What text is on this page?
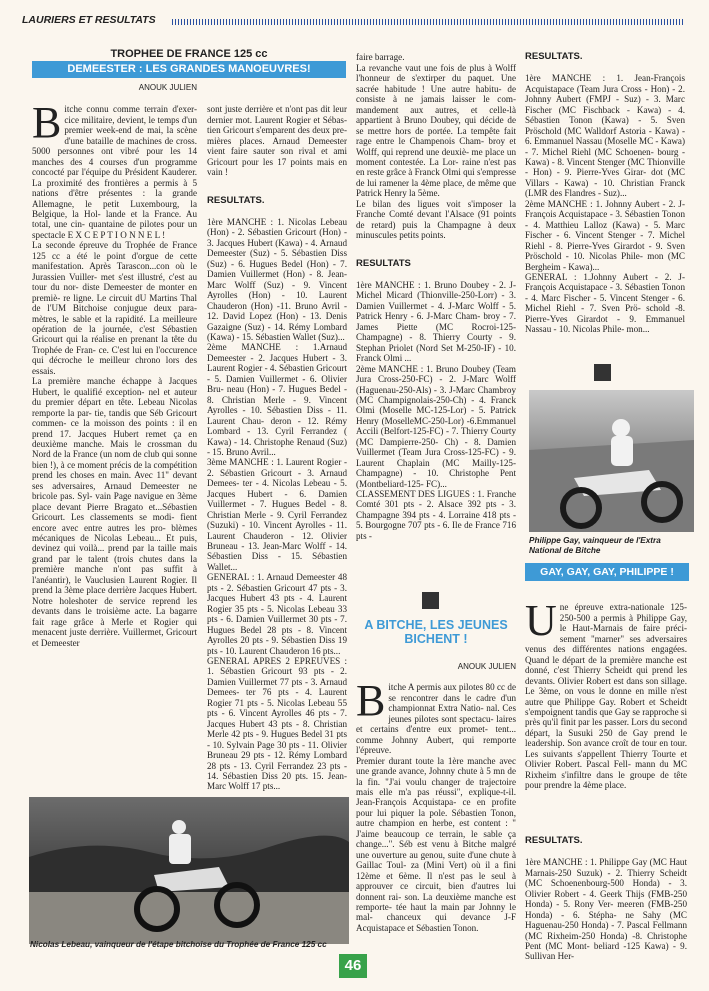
LAURIERS ET RESULTATS
TROPHEE DE FRANCE 125 cc
DEMEESTER : LES GRANDES MANOEUVRES!
ANOUK JULIEN

Bitche connu comme terrain d'exer- cice militaire, devient, le temps d'un premier week-end de mai, la scène d'une bataille de machines de cross. 5000 personnes ont vibré pour les 14 manches des 4 courses d'un programme concocté par l'équipe du Président Kauderer. La proximité des frontières a permis à 5 nations d'être présentes : la grande Allemagne, le petit Luxembourg, la Belgique, la Hol- lande et la France. Au total, une cin- quantaine de pilotes pour un spectacle E X C E P T I O N N E L !
La seconde épreuve du Trophée de France 125 cc a été le point d'orgue de cette manifestation. Après Tarascon...con où le Jurassien Vuiller- met s'est illustré, c'est au tour du nor- diste Demeester de monter en premiè- re ligne. Le circuit dU Martins Thal de l'UM Bitchoise conjugue deux para- mètres, le sable et la rapidité. La meilleure opération de la journée, c'est Sébastien Gricourt qui la réalise en prenant la tête du Trophée de Fran- ce. C'est lui en l'occurence qui décroche le meilleur chrono lors des essais.
La première manche échappe à Jacques Hubert, le qualifié exception- nel et auteur du premier départ en tête. Lebeau Nicolas remporte la par- tie, tandis que Séb Gricourt commen- ce la moisson des points : il en prend 17. Jacques Hubert remet ça en deuxième manche. Mais le crossman du Nord de la France (un nom de club qui sonne bien !), à ce moment précis de la compétition prend les choses en main. Avec 11" devant ses adversaires, Arnaud Demeester ne bricole pas. Syl- vain Page navigue en 3ème place devant Pierre Bragato et...Sébastien Gricourt. Les classements se modi- fient encore avec entre autres les pro- blèmes mécaniques de Nicolas Lebeau... Et puis, devinez qui voilà... prend par la taille mais grand par le talent (trois chutes dans la première manche n'ont pas suffit à l'anéantir), le Vauclusien Laurent Rogier. Il prend la 3ème place derrière Jacques Hubert. Notre holeshoter de service reprend les devants dans le troisième acte. La bagarre fait rage grâce à Merle et Rogier qui menacent juste derrière. Vuillermet, Gricourt et Demeester

sont juste derrière et n'ont pas dit leur dernier mot. Laurent Rogier et Sébas- tien Gricourt s'emparent des deux pre- mières places. Arnaud Demeester vient faire sauter son rival et ami Gricourt pour les 17 points mais en vain !

RESULTATS.

1ère MANCHE : 1. Nicolas Lebeau (Hon) - 2. Sébastien Gricourt (Hon) - 3. Jacques Hubert (Kawa) - 4. Arnaud Demeester (Suz) - 5. Sébastien Diss (Suz) - 6. Hugues Bedel (Hon) - 7. Damien Vuillermet (Hon) - 8. Jean- Marc Wolff (Suz) - 9. Vincent Ayrolles (Hon) - 10. Laurent Chauderon (Hon) -11. Bruno Avril - 12. David Lopez (Hon) - 13. Denis Gazaigne (Suz) - 14. Rémy Lombard (Kawa) - 15. Sébastien Wallet (Suz)...
2ème MANCHE : 1.Arnaud Demeester - 2. Jacques Hubert - 3. Laurent Rogier - 4. Sébastien Gricourt - 5. Damien Vuillermet - 6. Olivier Bru- neau (Hon) - 7. Hugues Bedel - 8. Christian Merle - 9. Vincent Ayrolles - 10. Sébastien Diss - 11. Laurent Chau- deron - 12. Rémy Lombard - 13. Cyril Ferrandez ( Kawa) - 14. Christophe Renaud (Suz) - 15. Bruno Avril...
3ème MANCHE : 1. Laurent Rogier - 2. Sébastien Gricourt - 3. Arnaud Demees- ter - 4. Nicolas Lebeau - 5. Jacques Hubert - 6. Damien Vuillermet - 7. Hugues Bedel - 8. Christian Merle - 9. Cyril Ferrandez (Suzuki) - 10. Vincent Ayrolles - 11. Laurent Chauderon - 12. Olivier Bruneau - 13. Jean-Marc Wolff - 14. Sébastien Diss - 15. Sébastien Wallet...
GENERAL : 1. Arnaud Demeester 48 pts - 2. Sébastien Gricourt 47 pts - 3. Jacques Hubert 43 pts - 4. Laurent Rogier 35 pts - 5. Nicolas Lebeau 33 pts - 6. Damien Vuillermet 30 pts - 7. Hugues Bedel 28 pts - 8. Vincent Ayrolles 20 pts - 9. Sébastien Diss 19 pts - 10. Laurent Chauderon 16 pts...
GENERAL APRES 2 EPREUVES : 1. Sébastien Gricourt 93 pts - 2. Damien Vuillermet 77 pts - 3. Arnaud Demees- ter 76 pts - 4. Laurent Rogier 71 pts - 5. Nicolas Lebeau 55 pts - 6. Vincent Ayrolles 46 pts - 7. Jacques Hubert 43 pts - 8. Christian Merle 42 pts - 9. Hugues Bedel 31 pts - 10. Sylvain Page 30 pts - 11. Olivier Bruneau 29 pts - 12. Rémy Lombard 28 pts - 13. Cyril Ferrandez 23 pts - 14. Sébastien Diss 20 pts. 15. Jean-Marc Wolff 17 pts...

Nicolas Lebeau, vainqueur de l'étape bitchoise du Trophée de France 125 cc

faire barrage.
La revanche vaut une fois de plus à Wolff l'honneur de s'extirper du paquet. Une sacrée habitude ! Une autre habitu- de consiste à ne jamais laisser le com- mandement aux autres, et celle-là appartient à Bruno Doubey, qui décide de se mettre hors de portée. La tempête fait rage entre le Champenois Cham- broy et Wolff, qui reprend une deuxiè- me place un moment contestée. La Lor- raine n'est pas en reste grâce à Franck Olmi qui s'empresse de lui ramener la 4ème place, de même que Patrick Henry la 5ème.
Le bilan des ligues voit s'imposer la Franche Comté devant l'Alsace (91 points de retard) puis la Champagne à deux minuscules petits points.

RESULTATS

1ère MANCHE : 1. Bruno Doubey - 2. J-Michel Micard (Thionville-250-Lorr) - 3. Damien Vuillermet - 4. J-Marc Wolff - 5. Patrick Henry - 6. J-Marc Cham- broy - 7. James Piette (MC Rocroi-125- Champagne) - 8. Thierry Courty - 9. Stephan Priolet (Nord Set M-250-IF) - 10. Franck Olmi ...
2ème MANCHE : 1. Bruno Doubey (Team Jura Cross-250-FC) - 2. J-Marc Wolff (Haguenau-250-Als) - 3. J-Marc Chambroy (MC Champignolais-250-Ch) - 4. Franck Olmi (Moselle MC-125-Lor) - 5. Patrick Henry (MoselleMC-250-Lor) -6.Emmanuel Accili (Belfort-125-FC) - 7. Thierry Courty (MC Dampierre-250- Ch) - 8. Damien Vuillermet (Team Jura Cross-125-FC) - 9. Laurent Chaplain (MC Mailly-125- Champagne) - 10. Christophe Pent (Montbeliard-125- FC)...
CLASSEMENT DES LIGUES : 1. Franche Comté 301 pts - 2. Alsace 392 pts - 3. Champagne 394 pts - 4. Lorraine 418 pts - 5. Bourgogne 707 pts - 6. Ile de France 716 pts -

A BITCHE, LES JEUNES BICHENT !
ANOUK JULIEN

Bitche A permis aux pilotes 80 cc de se rencontrer dans le cadre d'un championnat Extra Natio- nal. Ces jeunes pilotes sont spectacu- laires et certains d'entre eux promet- tent... comme Johnny Aubert, qui remporte l'épreuve.
Premier durant toute la 1ère manche avec une grande avance, Johnny chute à 5 mn de la fin. "J'ai voulu changer de trajectoire mais elle m'a pas réussi", explique-t-il. Jean-François Acquistapa- ce en profite pour lui piquer la pole. Sébastien Tonon, autre champion en herbe, est content : " J'aime beaucoup ce terrain, le sable ça change...". Séb est venu à Bitche malgré une ouverture au genou, suite d'une chute à Gaillac Toul- za (Mini Vert) où il a fini 12ème et 6ème. Il n'est pas le seul à approuver ce circuit, bien d'autres lui donnent rai- son. La deuxième manche est remporte- tée haut la main par Johnny le mal- chanceux qui devance J-F Acquistapace et Sébastien Tonon.

RESULTATS.

1ère MANCHE : 1. Jean-François Acquistapace (Team Jura Cross - Hon) - 2. Johnny Aubert (FMPJ - Suz) - 3. Marc Fischer (MC Fischback - Kawa) - 4. Sébastien Tonon (Kawa) - 5. Sven Pröschold (MC Walldorf Astoria - Kawa) - 6. Emmanuel Nassau (Moselle MC - Kawa) - 7. Michel Riehl (MC Schoenen- bourg - Kawa) - 8. Vincent Stenger (MC Thionville - Hon) - 9. Pierre-Yves Girar- dot (MC Villars - Kawa) - 10. Christian Franck (LMR des Flandres - Suz)...
2ème MANCHE : 1. Johnny Aubert - 2. J-François Acquistapace - 3. Sébastien Tonon - 4. Matthieu Lalloz (Kawa) - 5. Marc Fischer - 6. Vincent Stenger - 7. Michel Riehl - 8. Pierre-Yves Girardot - 9. Sven Pröschold - 10. Nicolas Phile- mon (MC Bergheim - Kawa)...
GENERAL : 1.Johnny Aubert - 2. J- François Acquistapace - 3. Sébastien Tonon - 4. Marc Fischer - 5. Vincent Stenger - 6. Michel Riehl - 7. Sven Prö- schold -8. Pierre-Yves Girardot - 9. Emmanuel Nassau - 10. Nicolas Phile- mon...

Philippe Gay, vainqueur de l'Extra National de Bitche
GAY, GAY, GAY, PHILIPPE !

Une épreuve extra-nationale 125- 250-500 a permis à Philippe Gay, le Haut-Marnais de faire préci- sement "marner" ses adversaires venus des différentes nations engagées. Quand le départ de la première manche est donné, c'est Thierry Scheidt qui prend les devants. Olivier Robert est dans son sillage. Le 3ème, on vous le donne en mille n'est autre que Philippe Gay. Robert et Scheidt s'empoignent tandis que Gay se rapproche si près qu'il finit par les passer. Lors du second départ, la Susuki 250 de Gay prend le leadership. Son avance croît de tour en tour. Les suivants s'appellent Thierry Tourte et Olivier Robert. Pascal Fell- mann du MC Rixheim s'infiltre dans le groupe de tête pour prendre la 4ème place.

RESULTATS.

1ère MANCHE : 1. Philippe Gay (MC Haut Marnais-250 Suzuk) - 2. Thierry Scheidt (MC Schoenenbourg-500 Honda) - 3. Olivier Robert - 4. Geerk Thijs (FMB-250 Honda) - 5. Rony Ver- meeren (FMB-250 Honda) - 6. Stépha- ne Sahy (MC Haguenau-250 Honda) - 7. Pascal Fellmann (MC Rixheim-250 Honda) -8. Christophe Pent (MC Mont- beliard -125 Kawa) - 9. Sullivan Her-

46
